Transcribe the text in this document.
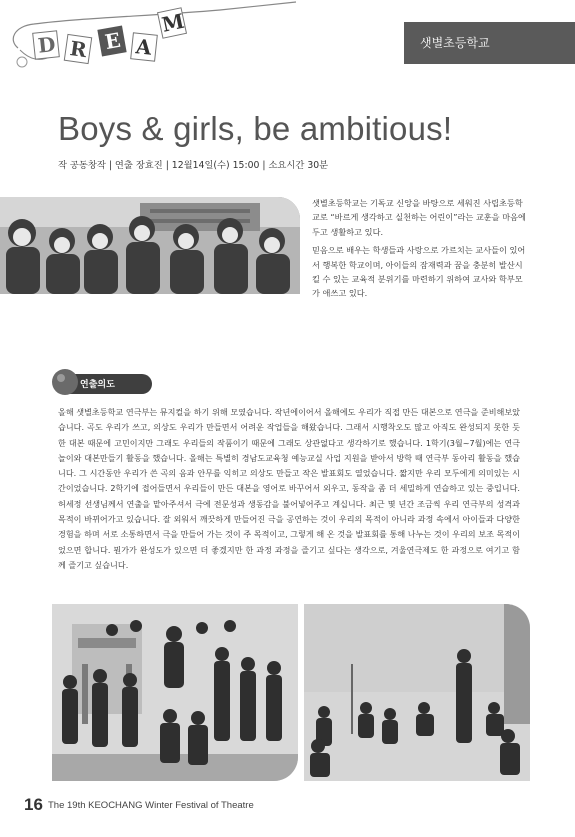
D R E A
M
샛별초등학교
Boys & girls, be ambitious!
작 공동창작 | 연출 장효진 | 12월14일(수) 15:00 | 소요시간 30분

샛별초등학교는 기독교 신앙을 바탕으로 세워진 사립초등학교로 “바르게 생각하고 실천하는 어린이”라는 교훈을 마음에 두고 생활하고 있다.

믿음으로 배우는 학생들과 사랑으로 가르치는 교사들이 있어서 행복한 학교이며, 아이들의 잠재력과 꿈을 충분히 발산시킬 수 있는 교육적 분위기를 마련하기 위하여 교사와 학부모가 애쓰고 있다.

연출의도
올해 샛별초등학교 연극부는 뮤지컬을 하기 위해 모였습니다. 작년에이어서 올해에도 우리가 직접 만든 대본으로 연극을 준비해보았습니다. 곡도 우리가 쓰고, 의상도 우리가 만들면서 어려운 작업들을 해왔습니다. 그래서 시행착오도 많고 아직도 완성되지 못한 듯한 대본 때문에 고민이지만 그래도 우리들의 작품이기 때문에 그래도 상관없다고 생각하기로 했습니다. 1학기(3월~7월)에는 연극놀이와 대본만들기 활동을 했습니다. 올해는 특별히 경남도교육청 예능교실 사업 지원을 받아서 방학 때 연극부 동아리 활동을 했습니다. 그 시간동안 우리가 쓴 곡의 음과 안무를 익히고 의상도 만들고 작은 발표회도 열었습니다. 짧지만 우리 모두에게 의미있는 시간이었습니다. 2학기에 접어들면서 우리들이 만든 대본을 영어로 바꾸어서 외우고, 동작을 좀 더 세밀하게 연습하고 있는 중입니다. 허세정 선생님께서 연출을 맡아주셔서 극에 전문성과 생동감을 불어넣어주고 계십니다. 최근 몇 년간 조금씩 우리 연극부의 성격과 목적이 바뀌어가고 있습니다. 잘 외워서 깨끗하게 만들어진 극을 공연하는 것이 우리의 목적이 아니라 과정 속에서 아이들과 다양한 경험을 하며 서로 소통하면서 극을 만들어 가는 것이 주 목적이고, 그렇게 해 온 것을 발표회를 통해 나누는 것이 우리의 보조 목적이었으면 합니다. 뭔가가 완성도가 있으면 더 좋겠지만 한 과정 과정을 즐기고 싶다는 생각으로, 겨울연극제도 한 과정으로 여기고 함께 즐기고 싶습니다.
16 The 19th KEOCHANG Winter Festival of Theatre
